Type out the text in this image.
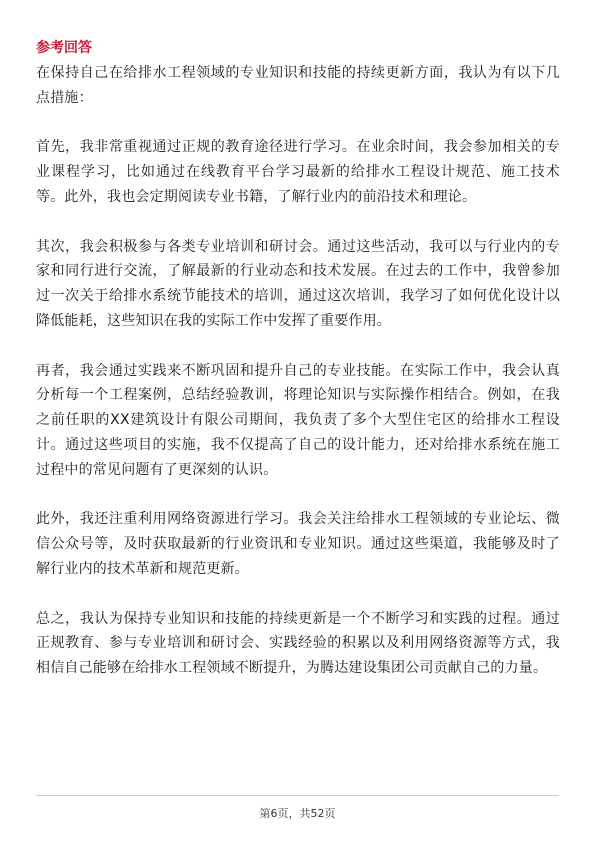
参考回答

在保持自己在给排水工程领域的专业知识和技能的持续更新方面，我认为有以下几点措施：

首先，我非常重视通过正规的教育途径进行学习。在业余时间，我会参加相关的专业课程学习，比如通过在线教育平台学习最新的给排水工程设计规范、施工技术等。此外，我也会定期阅读专业书籍，了解行业内的前沿技术和理论。

其次，我会积极参与各类专业培训和研讨会。通过这些活动，我可以与行业内的专家和同行进行交流，了解最新的行业动态和技术发展。在过去的工作中，我曾参加过一次关于给排水系统节能技术的培训，通过这次培训，我学习了如何优化设计以降低能耗，这些知识在我的实际工作中发挥了重要作用。

再者，我会通过实践来不断巩固和提升自己的专业技能。在实际工作中，我会认真分析每一个工程案例，总结经验教训，将理论知识与实际操作相结合。例如，在我之前任职的XX建筑设计有限公司期间，我负责了多个大型住宅区的给排水工程设计。通过这些项目的实施，我不仅提高了自己的设计能力，还对给排水系统在施工过程中的常见问题有了更深刻的认识。

此外，我还注重利用网络资源进行学习。我会关注给排水工程领域的专业论坛、微信公众号等，及时获取最新的行业资讯和专业知识。通过这些渠道，我能够及时了解行业内的技术革新和规范更新。

总之，我认为保持专业知识和技能的持续更新是一个不断学习和实践的过程。通过正规教育、参与专业培训和研讨会、实践经验的积累以及利用网络资源等方式，我相信自己能够在给排水工程领域不断提升，为腾达建设集团公司贡献自己的力量。

第6页，共52页
